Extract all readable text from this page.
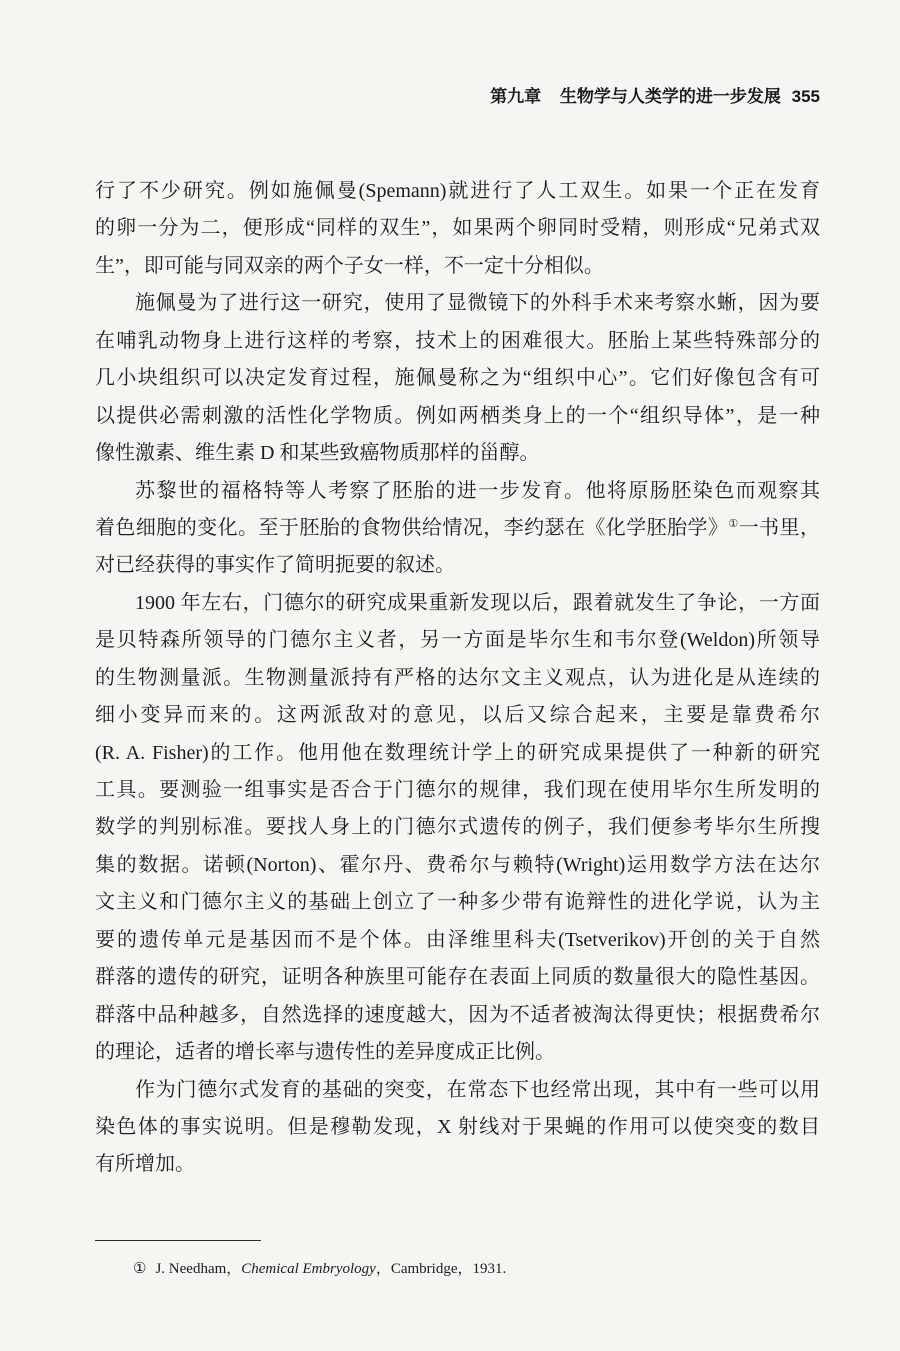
第九章 生物学与人类学的进一步发展 355
行了不少研究。例如施佩曼(Spemann)就进行了人工双生。如果一个正在发育
的卵一分为二，便形成“同样的双生”，如果两个卵同时受精，则形成“兄弟式双
生”，即可能与同双亲的两个子女一样，不一定十分相似。
施佩曼为了进行这一研究，使用了显微镜下的外科手术来考察水蜥，因为要
在哺乳动物身上进行这样的考察，技术上的困难很大。胚胎上某些特殊部分的
几小块组织可以决定发育过程，施佩曼称之为“组织中心”。它们好像包含有可
以提供必需刺激的活性化学物质。例如两栖类身上的一个“组织导体”，是一种
像性激素、维生素 D 和某些致癌物质那样的甾醇。
苏黎世的福格特等人考察了胚胎的进一步发育。他将原肠胚染色而观察其
着色细胞的变化。至于胚胎的食物供给情况，李约瑟在《化学胚胎学》①一书里，
对已经获得的事实作了简明扼要的叙述。
1900 年左右，门德尔的研究成果重新发现以后，跟着就发生了争论，一方面
是贝特森所领导的门德尔主义者，另一方面是毕尔生和韦尔登(Weldon)所领导
的生物测量派。生物测量派持有严格的达尔文主义观点，认为进化是从连续的
细小变异而来的。这两派敌对的意见，以后又综合起来，主要是靠费希尔
(R. A. Fisher)的工作。他用他在数理统计学上的研究成果提供了一种新的研究
工具。要测验一组事实是否合于门德尔的规律，我们现在使用毕尔生所发明的
数学的判别标准。要找人身上的门德尔式遗传的例子，我们便参考毕尔生所搜
集的数据。诺顿(Norton)、霍尔丹、费希尔与赖特(Wright)运用数学方法在达尔
文主义和门德尔主义的基础上创立了一种多少带有诡辩性的进化学说，认为主
要的遗传单元是基因而不是个体。由泽维里科夫(Tsetverikov)开创的关于自然
群落的遗传的研究，证明各种族里可能存在表面上同质的数量很大的隐性基因。
群落中品种越多，自然选择的速度越大，因为不适者被淘汰得更快；根据费希尔
的理论，适者的增长率与遗传性的差异度成正比例。
作为门德尔式发育的基础的突变，在常态下也经常出现，其中有一些可以用
染色体的事实说明。但是穆勒发现，X 射线对于果蝇的作用可以使突变的数目
有所增加。
① J. Needham，Chemical Embryology，Cambridge，1931.
